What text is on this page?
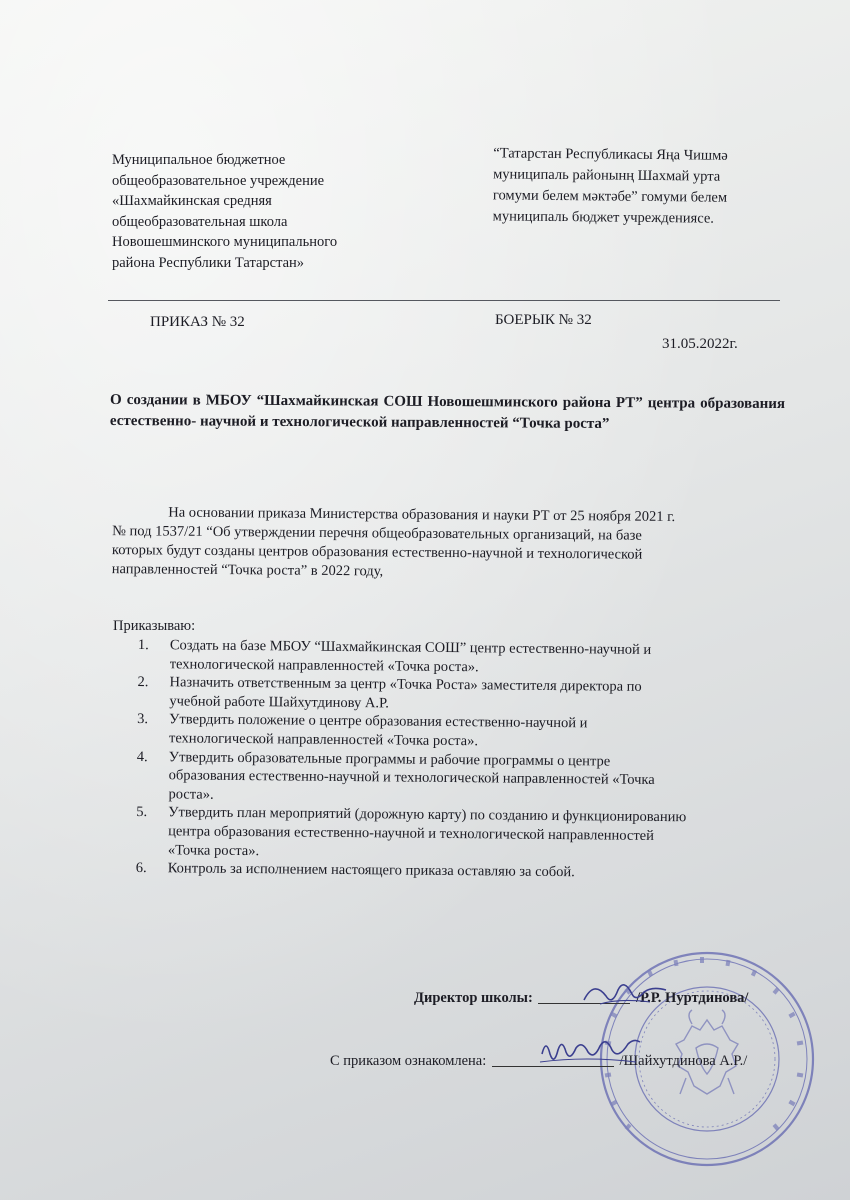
Муниципальное бюджетное
общеобразовательное учреждение
«Шахмайкинская средняя
общеобразовательная школа
Новошешминского муниципального
района Республики Татарстан»
“Татарстан Республикасы Яңа Чишмә
муниципаль районынң Шахмай урта
гомуми белем мәктәбе” гомуми белем
муниципаль бюджет учреждениясе.
ПРИКАЗ № 32	БОЕРЫК № 32
31.05.2022г.
О создании в МБОУ “Шахмайкинская СОШ Новошешминского района РТ” центра образования естественно- научной и технологической направленностей “Точка роста”
На основании приказа Министерства образования и науки РТ от 25 ноября 2021 г.
№ под 1537/21 “Об утверждении перечня общеобразовательных организаций, на базе
которых будут созданы центров образования естественно-научной и технологической
направленностей “Точка роста” в 2022 году,
Приказываю:
1. Создать на базе МБОУ “Шахмайкинская СОШ” центр естественно-научной и
технологической направленностей «Точка роста».
2. Назначить ответственным за центр «Точка Роста» заместителя директора по
учебной работе Шайхутдинову А.Р.
3. Утвердить положение о центре образования естественно-научной и
технологической направленностей «Точка роста».
4. Утвердить образовательные программы и рабочие программы о центре
образования естественно-научной и технологической направленностей «Точка
роста».
5. Утвердить план мероприятий (дорожную карту) по созданию и функционированию
центра образования естественно-научной и технологической направленностей
«Точка роста».
6. Контроль за исполнением настоящего приказа оставляю за собой.
Директор школы:	/Р.Р. Нуртдинова/
С приказом ознакомлена:	/Шайхутдинова А.Р./
